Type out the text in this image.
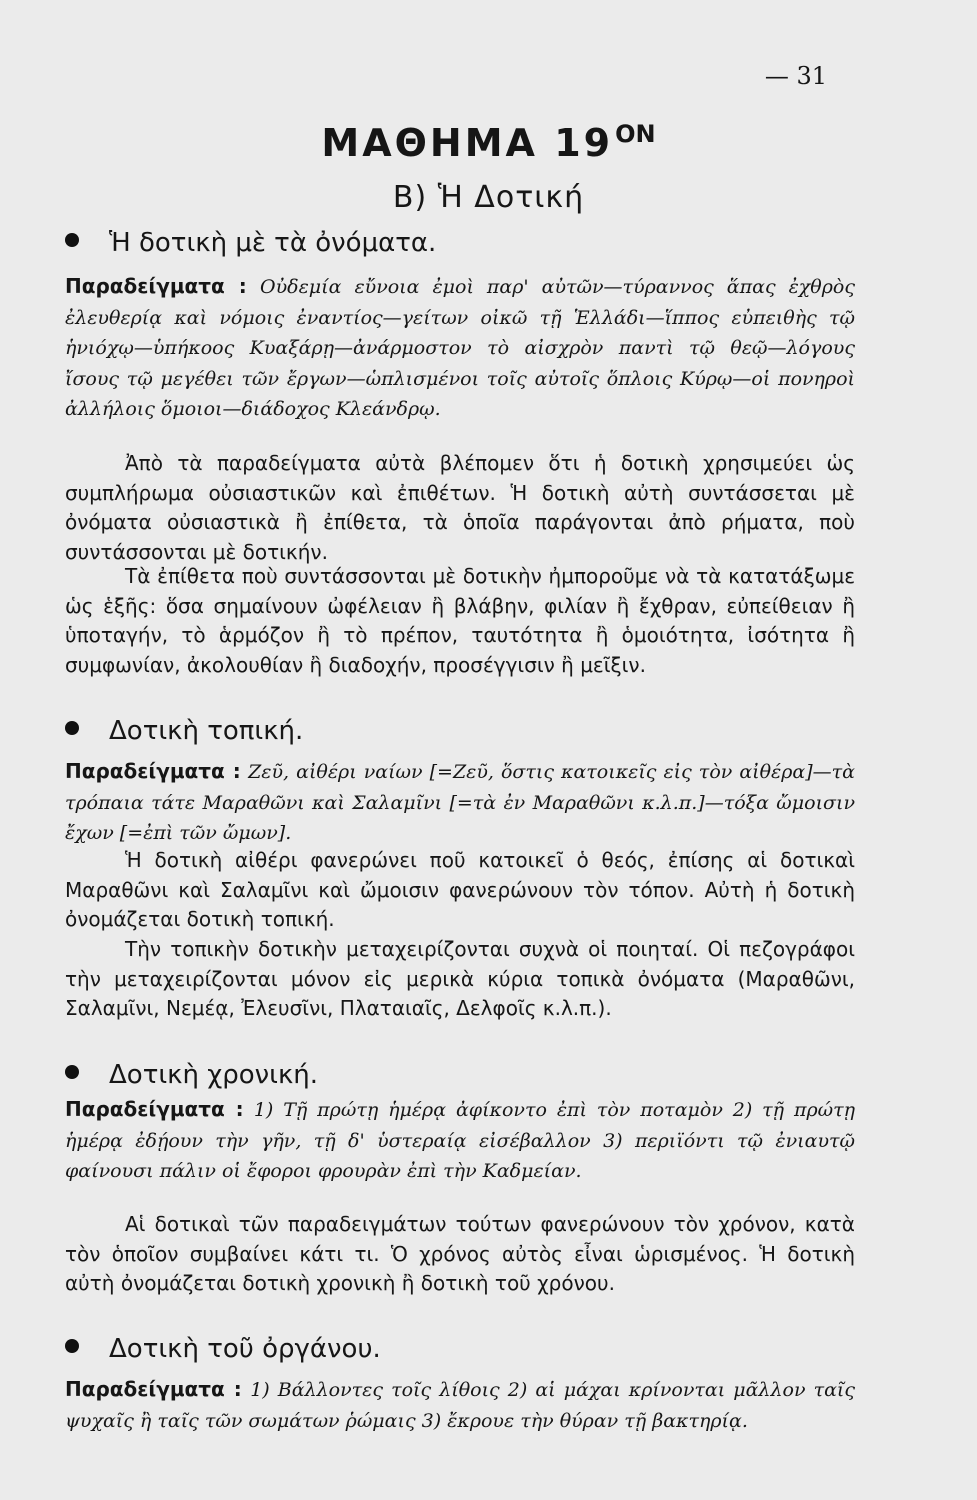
— 31
ΜΑΘΗΜΑ $19^{ON}$
Β) Ἡ Δοτική
Ἡ δοτικὴ μὲ τὰ ὀνόματα.
Παραδείγματα : Οὐδεμία εὔνοια ἐμοὶ παρ' αὐτῶν—τύραννος ἅπας ἐχθρὸς ἐλευθερίᾳ καὶ νόμοις ἐναντίος—γείτων οἰκῶ τῇ Ἑλλάδι—ἵππος εὐπειθὴς τῷ ἡνιόχῳ—ὑπήκοος Κυαξάρῃ—ἀνάρμοστον τὸ αἰσχρὸν παντὶ τῷ θεῷ—λόγους ἴσους τῷ μεγέθει τῶν ἔργων—ὡπλισμένοι τοῖς αὐτοῖς ὅπλοις Κύρῳ—οἱ πονηροὶ ἀλλήλοις ὅμοιοι—διάδοχος Κλεάνδρῳ.
Ἀπὸ τὰ παραδείγματα αὐτὰ βλέπομεν ὅτι ἡ δοτικὴ χρησιμεύει ὡς συμπλήρωμα οὐσιαστικῶν καὶ ἐπιθέτων. Ἡ δοτικὴ αὐτὴ συντάσσεται μὲ ὀνόματα οὐσιαστικὰ ἢ ἐπίθετα, τὰ ὁποῖα παράγονται ἀπὸ ρήματα, ποὺ συντάσσονται μὲ δοτικήν.
Τὰ ἐπίθετα ποὺ συντάσσονται μὲ δοτικὴν ἠμποροῦμε νὰ τὰ κατατάξωμε ὡς ἑξῆς: ὅσα σημαίνουν ὠφέλειαν ἢ βλάβην, φιλίαν ἢ ἔχθραν, εὐπείθειαν ἢ ὑποταγήν, τὸ ἁρμόζον ἢ τὸ πρέπον, ταυτότητα ἢ ὁμοιότητα, ἰσότητα ἢ συμφωνίαν, ἀκολουθίαν ἢ διαδοχήν, προσέγγισιν ἢ μεῖξιν.
Δοτικὴ τοπική.
Παραδείγματα : Ζεῦ, αἰθέρι ναίων [=Ζεῦ, ὅστις κατοικεῖς εἰς τὸν αἰθέρα]—τὰ τρόπαια τάτε Μαραθῶνι καὶ Σαλαμῖνι [=τὰ ἐν Μαραθῶνι κ.λ.π.]—τόξα ὤμοισιν ἔχων [=ἐπὶ τῶν ὤμων].
Ἡ δοτικὴ αἰθέρι φανερώνει ποῦ κατοικεῖ ὁ θεός, ἐπίσης αἱ δοτικαὶ Μαραθῶνι καὶ Σαλαμῖνι καὶ ὤμοισιν φανερώνουν τὸν τόπον. Αὐτὴ ἡ δοτικὴ ὀνομάζεται δοτικὴ τοπική.
Τὴν τοπικὴν δοτικὴν μεταχειρίζονται συχνὰ οἱ ποιηταί. Οἱ πεζογράφοι τὴν μεταχειρίζονται μόνον εἰς μερικὰ κύρια τοπικὰ ὀνόματα (Μαραθῶνι, Σαλαμῖνι, Νεμέᾳ, Ἐλευσῖνι, Πλαταιαῖς, Δελφοῖς κ.λ.π.).
Δοτικὴ χρονική.
Παραδείγματα : 1) Τῇ πρώτῃ ἡμέρᾳ ἀφίκοντο ἐπὶ τὸν ποταμὸν 2) τῇ πρώτῃ ἡμέρᾳ ἐδῄουν τὴν γῆν, τῇ δ' ὑστεραίᾳ εἰσέβαλλον 3) περιϊόντι τῷ ἐνιαυτῷ φαίνουσι πάλιν οἱ ἔφοροι φρουρὰν ἐπὶ τὴν Καδμείαν.
Αἱ δοτικαὶ τῶν παραδειγμάτων τούτων φανερώνουν τὸν χρόνον, κατὰ τὸν ὁποῖον συμβαίνει κάτι τι. Ὁ χρόνος αὐτὸς εἶναι ὡρισμένος. Ἡ δοτικὴ αὐτὴ ὀνομάζεται δοτικὴ χρονικὴ ἢ δοτικὴ τοῦ χρόνου.
Δοτικὴ τοῦ ὀργάνου.
Παραδείγματα : 1) Βάλλοντες τοῖς λίθοις 2) αἱ μάχαι κρίνονται μᾶλλον ταῖς ψυχαῖς ἢ ταῖς τῶν σωμάτων ῥώμαις 3) ἔκρουε τὴν θύραν τῇ βακτηρίᾳ.
